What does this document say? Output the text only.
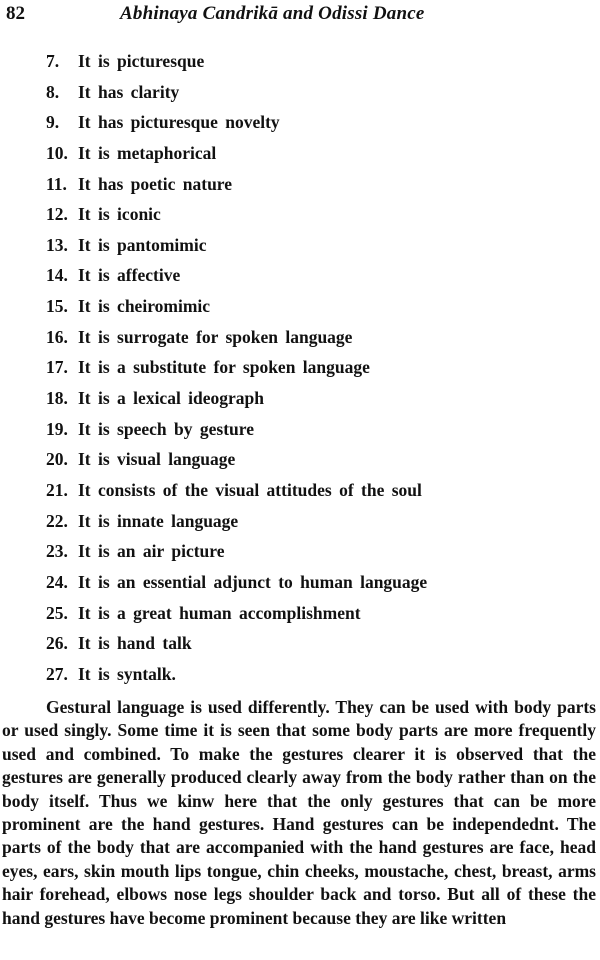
82	Abhinaya Candrikā and Odissi Dance
7.	It is picturesque
8.	It has clarity
9.	It has picturesque novelty
10. It is metaphorical
11. It has poetic nature
12. It is iconic
13. It is pantomimic
14. It is affective
15. It is cheiromimic
16. It is surrogate for spoken language
17. It is a substitute for spoken language
18. It is a lexical ideograph
19. It is speech by gesture
20. It is visual language
21. It consists of the visual attitudes of the soul
22. It is innate language
23. It is an air picture
24. It is an essential adjunct to human language
25. It is a great human accomplishment
26. It is hand talk
27. It is syntalk.

Gestural language is used differently. They can be used with body parts or used singly. Some time it is seen that some body parts are more frequently used and combined. To make the gestures clearer it is observed that the gestures are generally produced clearly away from the body rather than on the body itself. Thus we kinw here that the only gestures that can be more prominent are the hand gestures. Hand gestures can be independednt. The parts of the body that are accompanied with the hand gestures are face, head eyes, ears, skin mouth lips tongue, chin cheeks, moustache, chest, breast, arms hair forehead, elbows nose legs shoulder back and torso. But all of these the hand gestures have become prominent because they are like written
